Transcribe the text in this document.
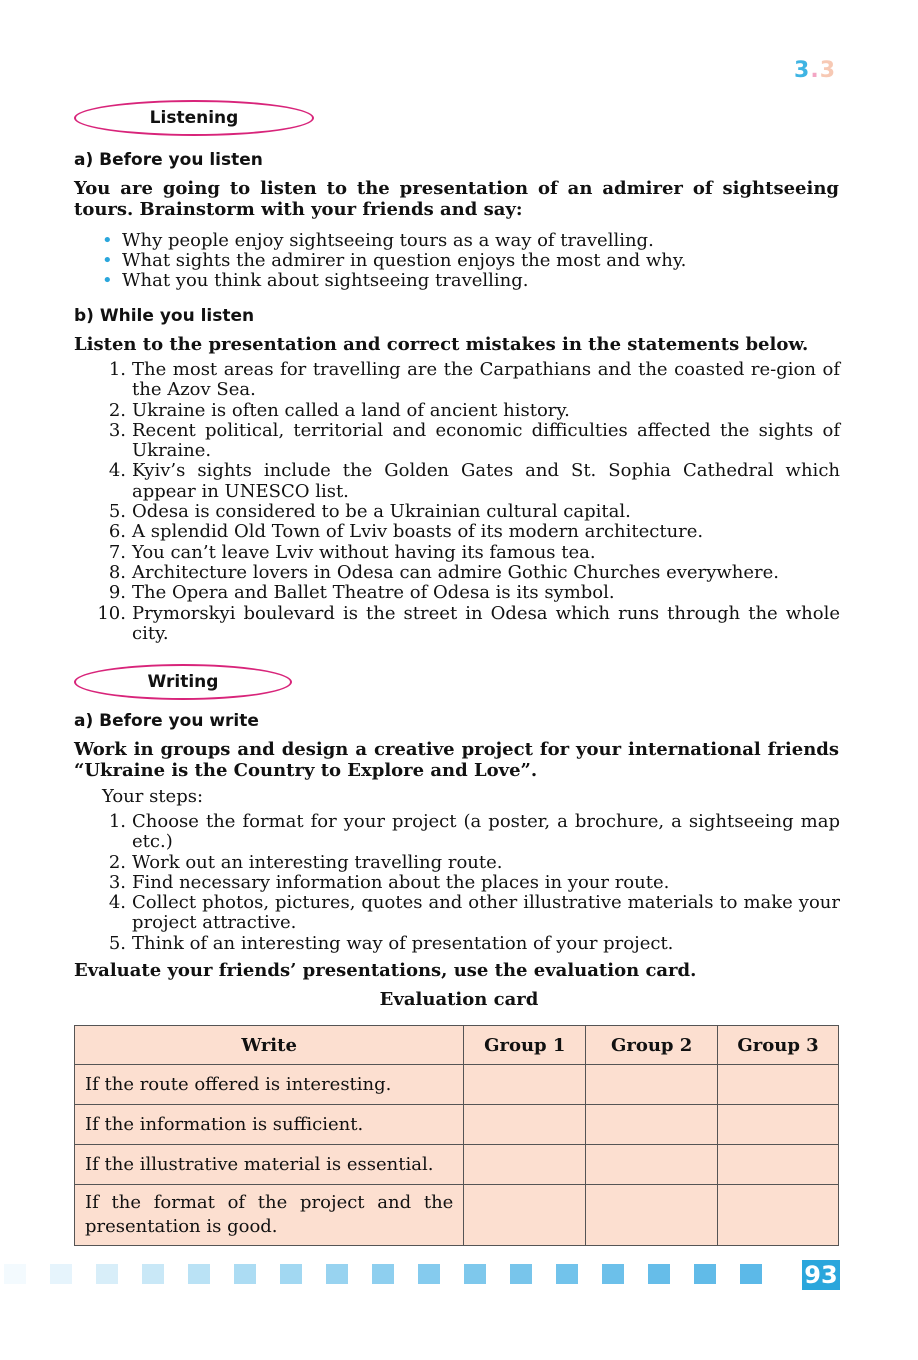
3.3
Listening
a) Before you listen
You are going to listen to the presentation of an admirer of sightseeing tours. Brainstorm with your friends and say:
• Why people enjoy sightseeing tours as a way of travelling.
• What sights the admirer in question enjoys the most and why.
• What you think about sightseeing travelling.
b) While you listen
Listen to the presentation and correct mistakes in the statements below.
1. The most areas for travelling are the Carpathians and the coasted re-gion of the Azov Sea.
2. Ukraine is often called a land of ancient history.
3. Recent political, territorial and economic difficulties affected the sights of Ukraine.
4. Kyiv’s sights include the Golden Gates and St. Sophia Cathedral which appear in UNESCO list.
5. Odesa is considered to be a Ukrainian cultural capital.
6. A splendid Old Town of Lviv boasts of its modern architecture.
7. You can’t leave Lviv without having its famous tea.
8. Architecture lovers in Odesa can admire Gothic Churches everywhere.
9. The Opera and Ballet Theatre of Odesa is its symbol.
10. Prymorskyi boulevard is the street in Odesa which runs through the whole city.
Writing
a) Before you write
Work in groups and design a creative project for your international friends “Ukraine is the Country to Explore and Love”.
Your steps:
1. Choose the format for your project (a poster, a brochure, a sightseeing map etc.)
2. Work out an interesting travelling route.
3. Find necessary information about the places in your route.
4. Collect photos, pictures, quotes and other illustrative materials to make your project attractive.
5. Think of an interesting way of presentation of your project.
Evaluate your friends’ presentations, use the evaluation card.
Evaluation card
Write	Group 1	Group 2	Group 3
If the route offered is interesting.			
If the information is sufficient.			
If the illustrative material is essential.			
If the format of the project and the presentation is good.			
93
